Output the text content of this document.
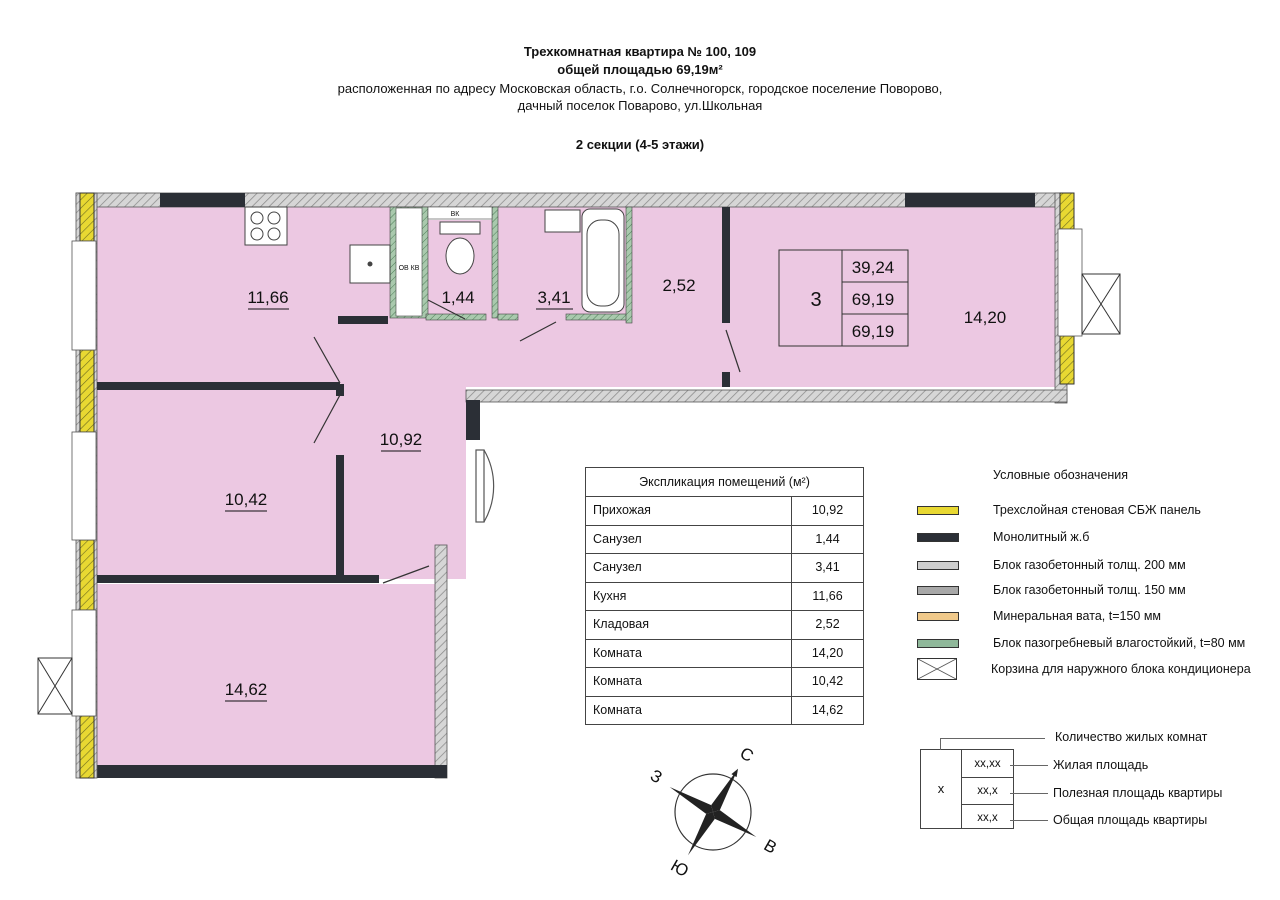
Трехкомнатная квартира № 100, 109
общей площадью 69,19м²
расположенная по адресу Московская область, г.о. Солнечногорск, городское поселение Поворово,
дачный поселок Поварово, ул.Школьная
2 секции (4-5 этажи)
11,66	1,44	3,41
2,52
14,20
10,92
10,42
14,62
3
39,24
69,19
69,19
ВК
ОВ КВ
С
В
Ю
З
Экспликация помещений (м²)
Прихожая	10,92
Санузел	1,44
Санузел	3,41
Кухня	11,66
Кладовая	2,52
Комната	14,20
Комната	10,42
Комната	14,62
Условные обозначения
Трехслойная стеновая СБЖ панель
Монолитный ж.б
Блок газобетонный толщ. 200 мм
Блок газобетонный толщ. 150 мм
Минеральная вата, t=150 мм
Блок пазогребневый влагостойкий, t=80 мм
Корзина для наружного блока кондиционера
х
хх,хх
хх,х
хх,х
Количество жилых комнат
Жилая площадь
Полезная площадь квартиры
Общая площадь квартиры
